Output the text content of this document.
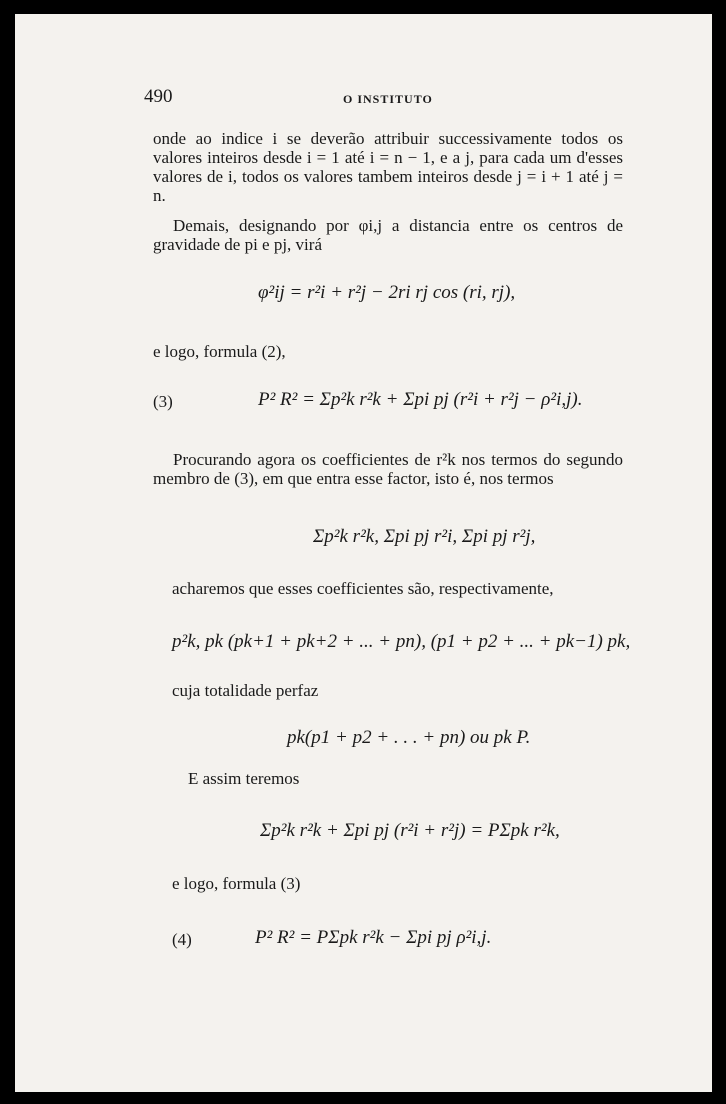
490	O INSTITUTO
onde ao indice i se deverão attribuir successivamente todos os valores inteiros desde i = 1 até i = n − 1, e a j, para cada um d'esses valores de i, todos os valores tambem inteiros desde j = i + 1 até j = n.
Demais, designando por φi,j a distancia entre os centros de gravidade de pi e pj, virá
φ²ij = r²i + r²j − 2ri rj cos (ri, rj),
e logo, formula (2),
(3)	P² R² = Σp²k r²k + Σpi pj (r²i + r²j − ρ²i,j).
Procurando agora os coefficientes de r²k nos termos do segundo membro de (3), em que entra esse factor, isto é, nos termos
Σp²k r²k, Σpi pj r²i, Σpi pj r²j,
acharemos que esses coefficientes são, respectivamente,
p²k, pk (pk+1 + pk+2 + ... + pn), (p1 + p2 + ... + pk−1) pk,
cuja totalidade perfaz
pk(p1 + p2 + . . . + pn) ou pk P.
E assim teremos
Σp²k r²k + Σpi pj (r²i + r²j) = PΣpk r²k,
e logo, formula (3)
(4)	P² R² = PΣpk r²k − Σpi pj ρ²i,j.
